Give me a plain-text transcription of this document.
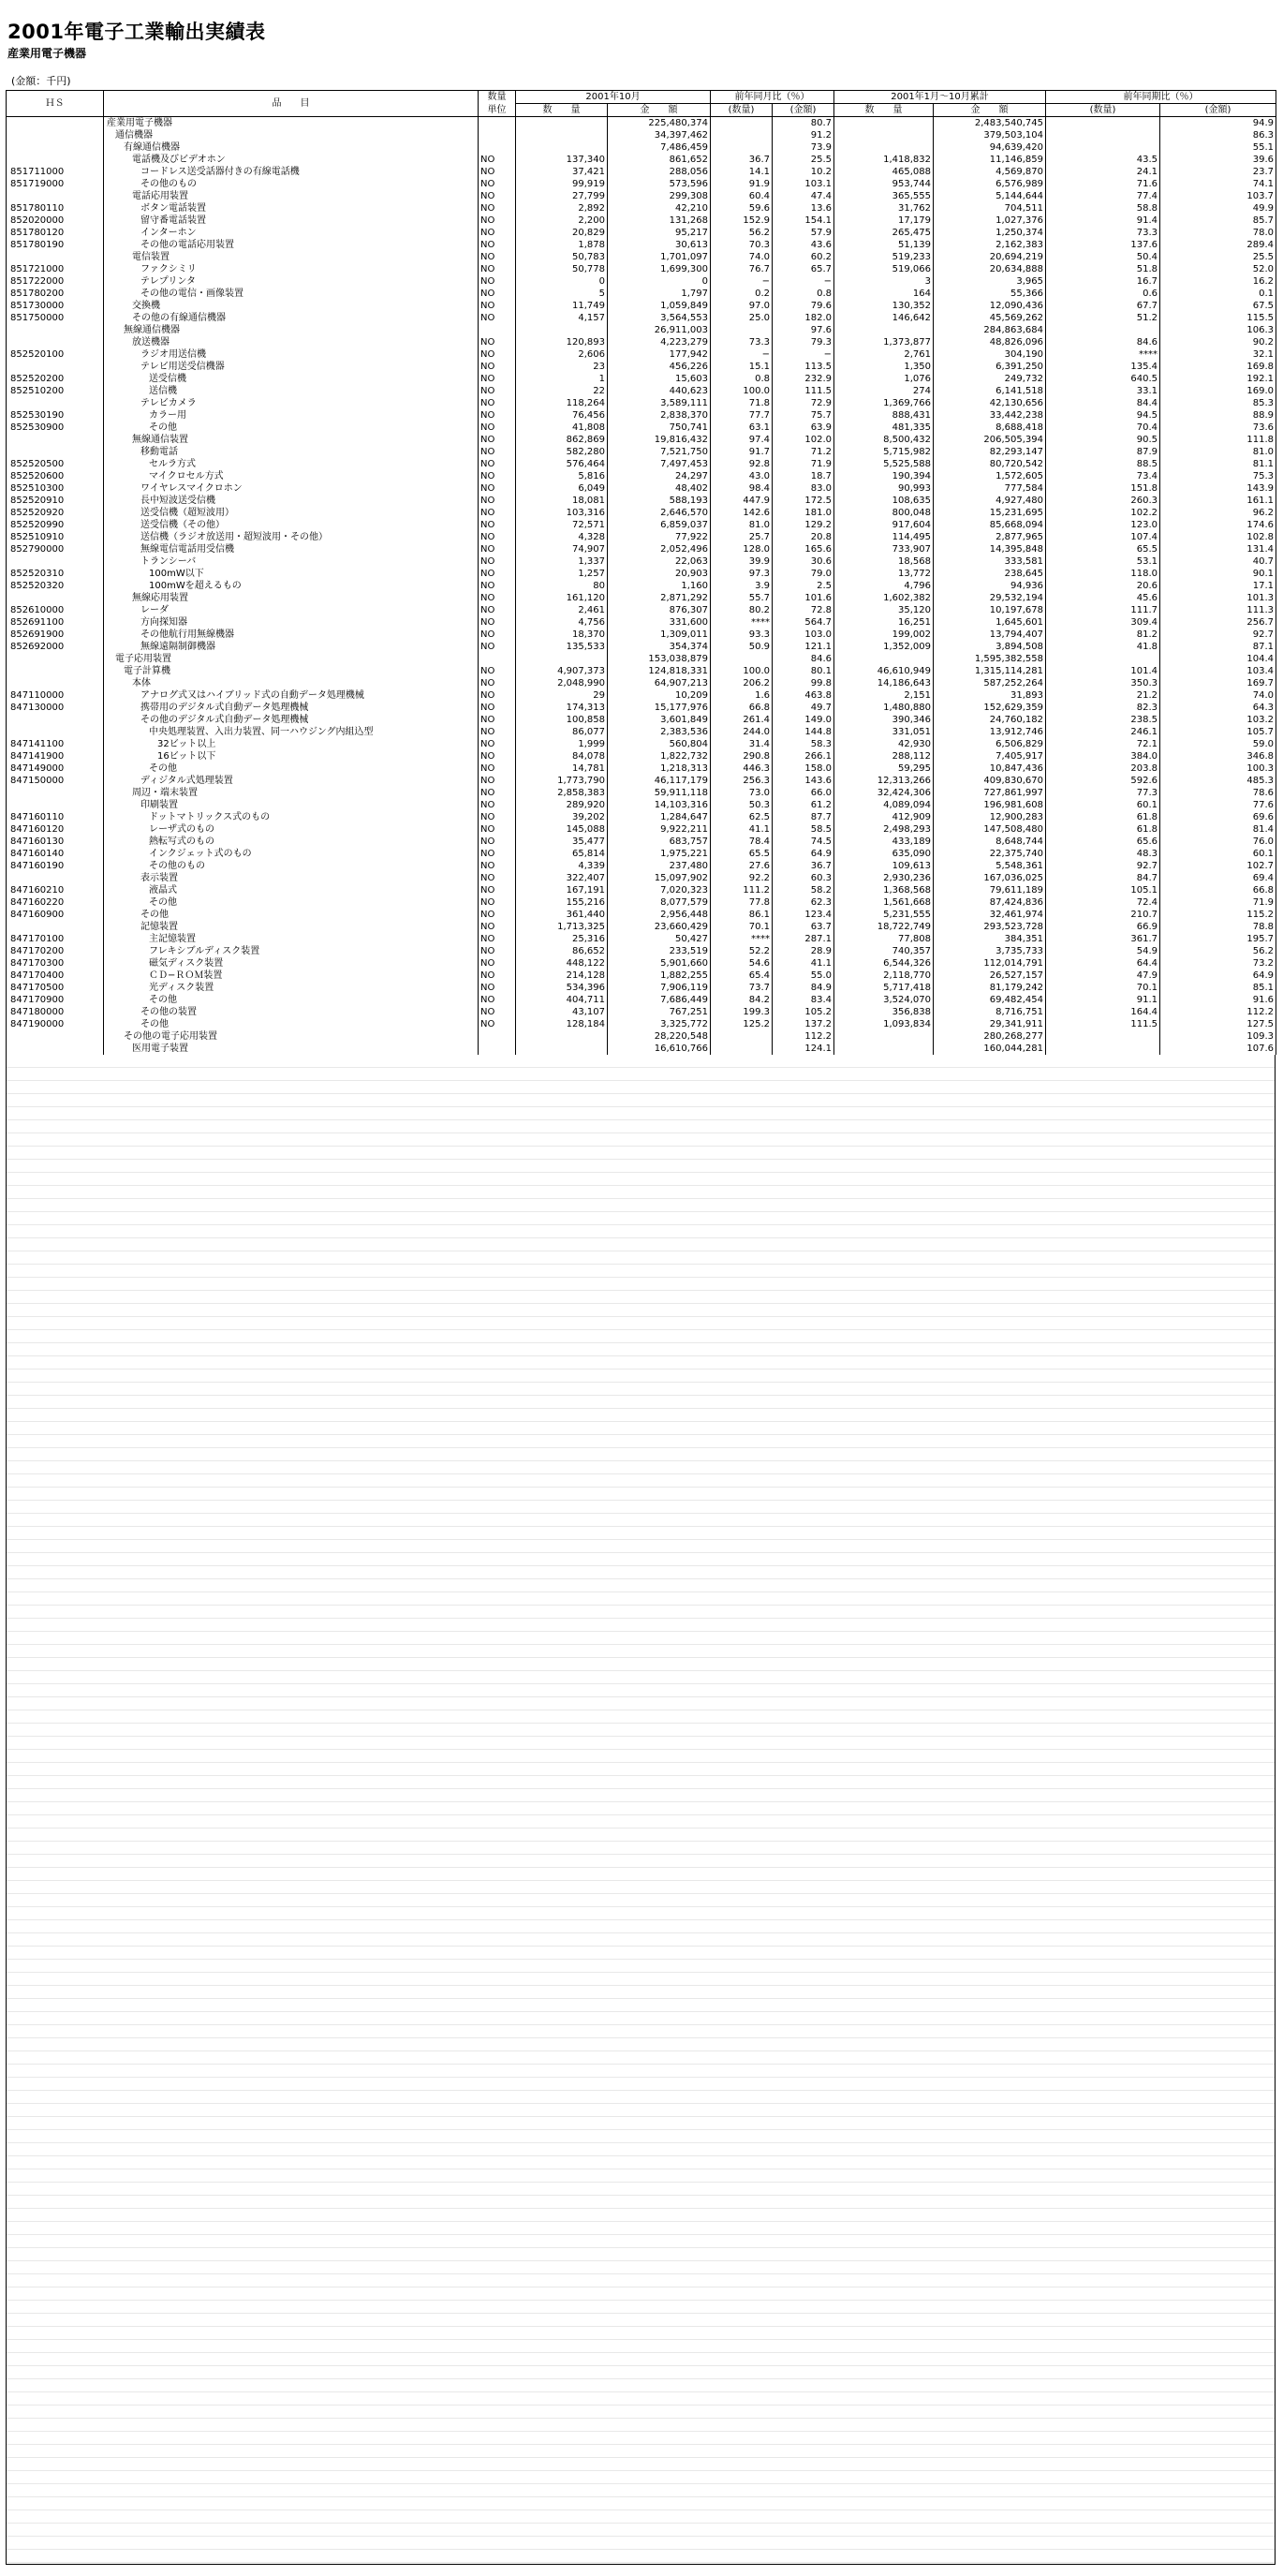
2001年電子工業輸出実績表
産業用電子機器
(金額：千円)
ＨＳ	品　　目	数量	2001年10月		前年同月比（％）		2001年1月〜10月累計		前年同期比（％）	
		単位	数　　量	金　　額	(数量)	(金額)	数　　量	金　　額	(数量)	(金額)
	産業用電子機器			225,480,374		80.7		2,483,540,745		94.9
	通信機器			34,397,462		91.2		379,503,104		86.3
	有線通信機器			7,486,459		73.9		94,639,420		55.1
	電話機及びビデオホン	NO	137,340	861,652	36.7	25.5	1,418,832	11,146,859	43.5	39.6
851711000	コードレス送受話器付きの有線電話機	NO	37,421	288,056	14.1	10.2	465,088	4,569,870	24.1	23.7
851719000	その他のもの	NO	99,919	573,596	91.9	103.1	953,744	6,576,989	71.6	74.1
	電話応用装置	NO	27,799	299,308	60.4	47.4	365,555	5,144,644	77.4	103.7
851780110	ボタン電話装置	NO	2,892	42,210	59.6	13.6	31,762	704,511	58.8	49.9
852020000	留守番電話装置	NO	2,200	131,268	152.9	154.1	17,179	1,027,376	91.4	85.7
851780120	インターホン	NO	20,829	95,217	56.2	57.9	265,475	1,250,374	73.3	78.0
851780190	その他の電話応用装置	NO	1,878	30,613	70.3	43.6	51,139	2,162,383	137.6	289.4
	電信装置	NO	50,783	1,701,097	74.0	60.2	519,233	20,694,219	50.4	25.5
851721000	ファクシミリ	NO	50,778	1,699,300	76.7	65.7	519,066	20,634,888	51.8	52.0
851722000	テレプリンタ	NO	0	0	−	−	3	3,965	16.7	16.2
851780200	その他の電信・画像装置	NO	5	1,797	0.2	0.8	164	55,366	0.6	0.1
851730000	交換機	NO	11,749	1,059,849	97.0	79.6	130,352	12,090,436	67.7	67.5
851750000	その他の有線通信機器	NO	4,157	3,564,553	25.0	182.0	146,642	45,569,262	51.2	115.5
	無線通信機器			26,911,003		97.6		284,863,684		106.3
	放送機器	NO	120,893	4,223,279	73.3	79.3	1,373,877	48,826,096	84.6	90.2
852520100	ラジオ用送信機	NO	2,606	177,942	−	−	2,761	304,190	****	32.1
	テレビ用送受信機器	NO	23	456,226	15.1	113.5	1,350	6,391,250	135.4	169.8
852520200	送受信機	NO	1	15,603	0.8	232.9	1,076	249,732	640.5	192.1
852510200	送信機	NO	22	440,623	100.0	111.5	274	6,141,518	33.1	169.0
	テレビカメラ	NO	118,264	3,589,111	71.8	72.9	1,369,766	42,130,656	84.4	85.3
852530190	カラー用	NO	76,456	2,838,370	77.7	75.7	888,431	33,442,238	94.5	88.9
852530900	その他	NO	41,808	750,741	63.1	63.9	481,335	8,688,418	70.4	73.6
	無線通信装置	NO	862,869	19,816,432	97.4	102.0	8,500,432	206,505,394	90.5	111.8
	移動電話	NO	582,280	7,521,750	91.7	71.2	5,715,982	82,293,147	87.9	81.0
852520500	セルラ方式	NO	576,464	7,497,453	92.8	71.9	5,525,588	80,720,542	88.5	81.1
852520600	マイクロセル方式	NO	5,816	24,297	43.0	18.7	190,394	1,572,605	73.4	75.3
852510300	ワイヤレスマイクロホン	NO	6,049	48,402	98.4	83.0	90,993	777,584	151.8	143.9
852520910	長中短波送受信機	NO	18,081	588,193	447.9	172.5	108,635	4,927,480	260.3	161.1
852520920	送受信機（超短波用）	NO	103,316	2,646,570	142.6	181.0	800,048	15,231,695	102.2	96.2
852520990	送受信機（その他）	NO	72,571	6,859,037	81.0	129.2	917,604	85,668,094	123.0	174.6
852510910	送信機（ラジオ放送用・超短波用・その他）	NO	4,328	77,922	25.7	20.8	114,495	2,877,965	107.4	102.8
852790000	無線電信電話用受信機	NO	74,907	2,052,496	128.0	165.6	733,907	14,395,848	65.5	131.4
	トランシーバ	NO	1,337	22,063	39.9	30.6	18,568	333,581	53.1	40.7
852520310	100mW以下	NO	1,257	20,903	97.3	79.0	13,772	238,645	118.0	90.1
852520320	100mWを超えるもの	NO	80	1,160	3.9	2.5	4,796	94,936	20.6	17.1
	無線応用装置	NO	161,120	2,871,292	55.7	101.6	1,602,382	29,532,194	45.6	101.3
852610000	レーダ	NO	2,461	876,307	80.2	72.8	35,120	10,197,678	111.7	111.3
852691100	方向探知器	NO	4,756	331,600	****	564.7	16,251	1,645,601	309.4	256.7
852691900	その他航行用無線機器	NO	18,370	1,309,011	93.3	103.0	199,002	13,794,407	81.2	92.7
852692000	無線遠隔制御機器	NO	135,533	354,374	50.9	121.1	1,352,009	3,894,508	41.8	87.1
	電子応用装置			153,038,879		84.6		1,595,382,558		104.4
	電子計算機	NO	4,907,373	124,818,331	100.0	80.1	46,610,949	1,315,114,281	101.4	103.4
	本体	NO	2,048,990	64,907,213	206.2	99.8	14,186,643	587,252,264	350.3	169.7
847110000	アナログ式又はハイブリッド式の自動データ処理機械	NO	29	10,209	1.6	463.8	2,151	31,893	21.2	74.0
847130000	携帯用のデジタル式自動データ処理機械	NO	174,313	15,177,976	66.8	49.7	1,480,880	152,629,359	82.3	64.3
	その他のデジタル式自動データ処理機械	NO	100,858	3,601,849	261.4	149.0	390,346	24,760,182	238.5	103.2
	中央処理装置、入出力装置、同一ハウジング内組込型	NO	86,077	2,383,536	244.0	144.8	331,051	13,912,746	246.1	105.7
847141100	32ビット以上	NO	1,999	560,804	31.4	58.3	42,930	6,506,829	72.1	59.0
847141900	16ビット以下	NO	84,078	1,822,732	290.8	266.1	288,112	7,405,917	384.0	346.8
847149000	その他	NO	14,781	1,218,313	446.3	158.0	59,295	10,847,436	203.8	100.3
847150000	ディジタル式処理装置	NO	1,773,790	46,117,179	256.3	143.6	12,313,266	409,830,670	592.6	485.3
	周辺・端末装置	NO	2,858,383	59,911,118	73.0	66.0	32,424,306	727,861,997	77.3	78.6
	印刷装置	NO	289,920	14,103,316	50.3	61.2	4,089,094	196,981,608	60.1	77.6
847160110	ドットマトリックス式のもの	NO	39,202	1,284,647	62.5	87.7	412,909	12,900,283	61.8	69.6
847160120	レーザ式のもの	NO	145,088	9,922,211	41.1	58.5	2,498,293	147,508,480	61.8	81.4
847160130	熱転写式のもの	NO	35,477	683,757	78.4	74.5	433,189	8,648,744	65.6	76.0
847160140	インクジェット式のもの	NO	65,814	1,975,221	65.5	64.9	635,090	22,375,740	48.3	60.1
847160190	その他のもの	NO	4,339	237,480	27.6	36.7	109,613	5,548,361	92.7	102.7
	表示装置	NO	322,407	15,097,902	92.2	60.3	2,930,236	167,036,025	84.7	69.4
847160210	液晶式	NO	167,191	7,020,323	111.2	58.2	1,368,568	79,611,189	105.1	66.8
847160220	その他	NO	155,216	8,077,579	77.8	62.3	1,561,668	87,424,836	72.4	71.9
847160900	その他	NO	361,440	2,956,448	86.1	123.4	5,231,555	32,461,974	210.7	115.2
	記憶装置	NO	1,713,325	23,660,429	70.1	63.7	18,722,749	293,523,728	66.9	78.8
847170100	主記憶装置	NO	25,316	50,427	****	287.1	77,808	384,351	361.7	195.7
847170200	フレキシブルディスク装置	NO	86,652	233,519	52.2	28.9	740,357	3,735,733	54.9	56.2
847170300	磁気ディスク装置	NO	448,122	5,901,660	54.6	41.1	6,544,326	112,014,791	64.4	73.2
847170400	ＣＤ−ＲＯＭ装置	NO	214,128	1,882,255	65.4	55.0	2,118,770	26,527,157	47.9	64.9
847170500	光ディスク装置	NO	534,396	7,906,119	73.7	84.9	5,717,418	81,179,242	70.1	85.1
847170900	その他	NO	404,711	7,686,449	84.2	83.4	3,524,070	69,482,454	91.1	91.6
847180000	その他の装置	NO	43,107	767,251	199.3	105.2	356,838	8,716,751	164.4	112.2
847190000	その他	NO	128,184	3,325,772	125.2	137.2	1,093,834	29,341,911	111.5	127.5
	その他の電子応用装置			28,220,548		112.2		280,268,277		109.3
	医用電子装置			16,610,766		124.1		160,044,281		107.6
